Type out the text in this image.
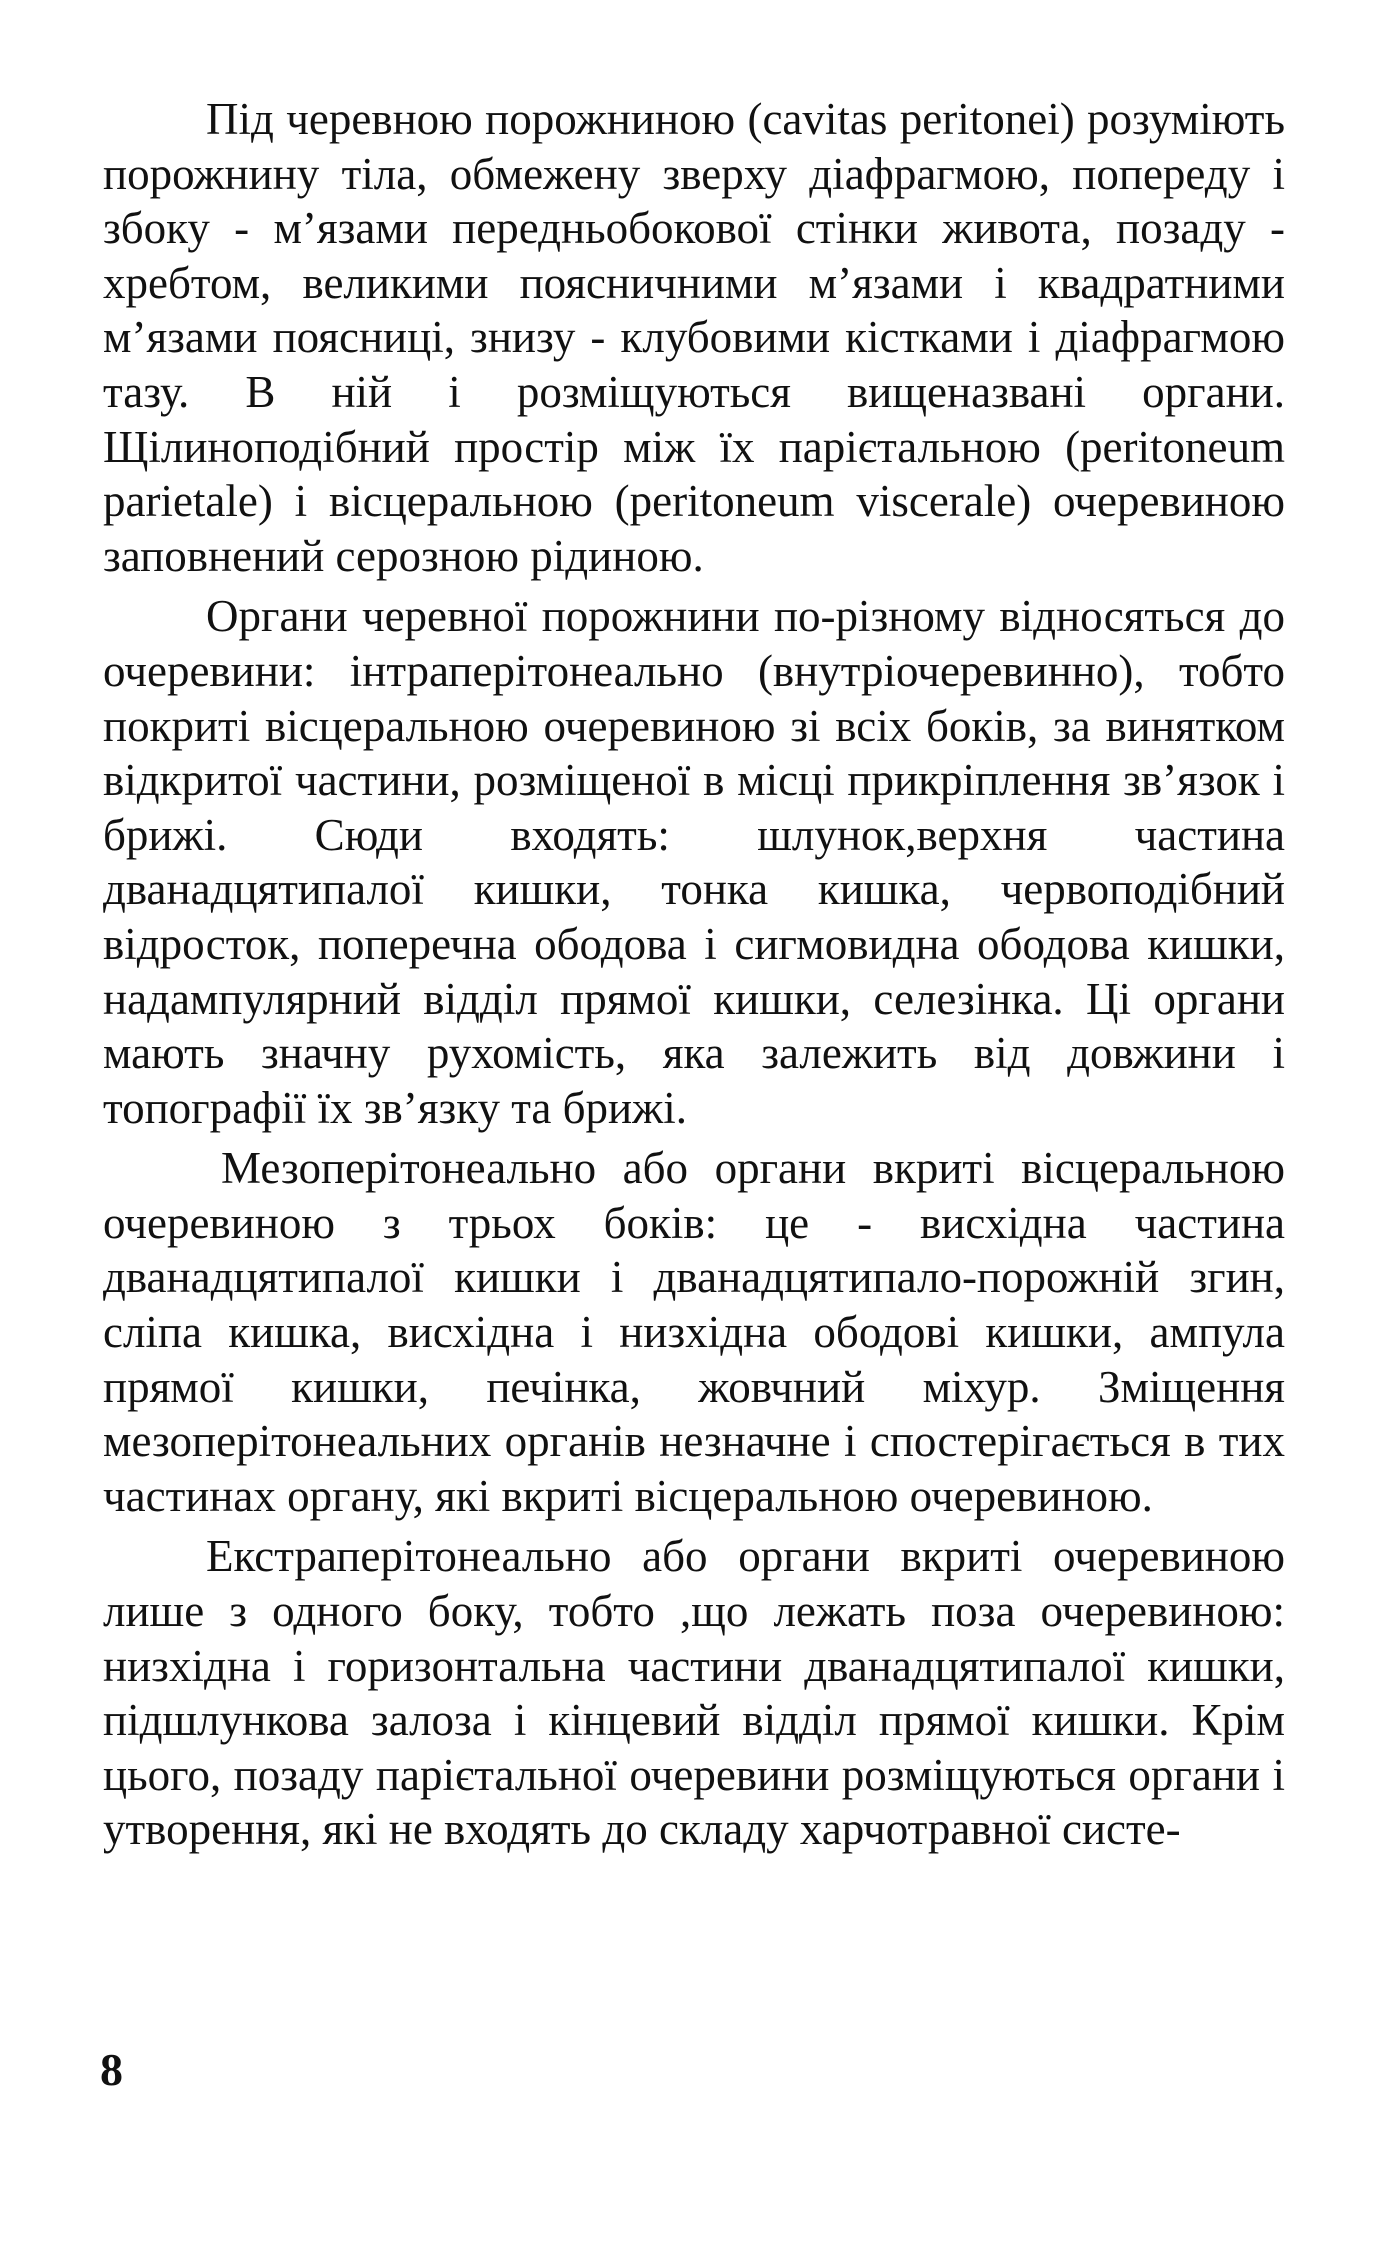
Під черевною порожниною (cavitas peritonei) розуміють порожнину тіла, обмежену зверху діафрагмою, попереду і збоку - м’язами передньобокової стінки живота, позаду - хребтом, великими поясничними м’язами і квадратними м’язами поясниці, знизу - клубовими кістками і діафрагмою тазу. В ній і розміщуються вищеназвані органи. Щілиноподібний простір між їх парієтальною (peritoneum parietale) і вісцеральною (peritoneum viscerale) очеревиною заповнений серозною рідиною.

Органи черевної порожнини по-різному відносяться до очеревини: інтраперітонеально (внутріочеревинно), тобто покриті вісцеральною очеревиною зі всіх боків, за винятком відкритої частини, розміщеної в місці прикріплення зв’язок і брижі. Сюди входять: шлунок,верхня частина дванадцятипалої кишки, тонка кишка, червоподібний відросток, поперечна ободова і сигмовидна ободова кишки, надампулярний відділ прямої кишки, селезінка. Ці органи мають значну рухомість, яка залежить від довжини і топографії їх зв’язку та брижі.

Мезоперітонеально або органи вкриті вісцеральною очеревиною з трьох боків: це - висхідна частина дванадцятипалої кишки і дванадцятипало-порожній згин, сліпа кишка, висхідна і низхідна ободові кишки, ампула прямої кишки, печінка, жовчний міхур. Зміщення мезоперітонеальних органів незначне і спостерігається в тих частинах органу, які вкриті вісцеральною очеревиною.

Екстраперітонеально або органи вкриті очеревиною лише з одного боку, тобто ,що лежать поза очеревиною: низхідна і горизонтальна частини дванадцятипалої кишки, підшлункова залоза і кінцевий відділ прямої кишки. Крім цього, позаду парієтальної очеревини розміщуються органи і утворення, які не входять до складу харчотравної систе-

8
